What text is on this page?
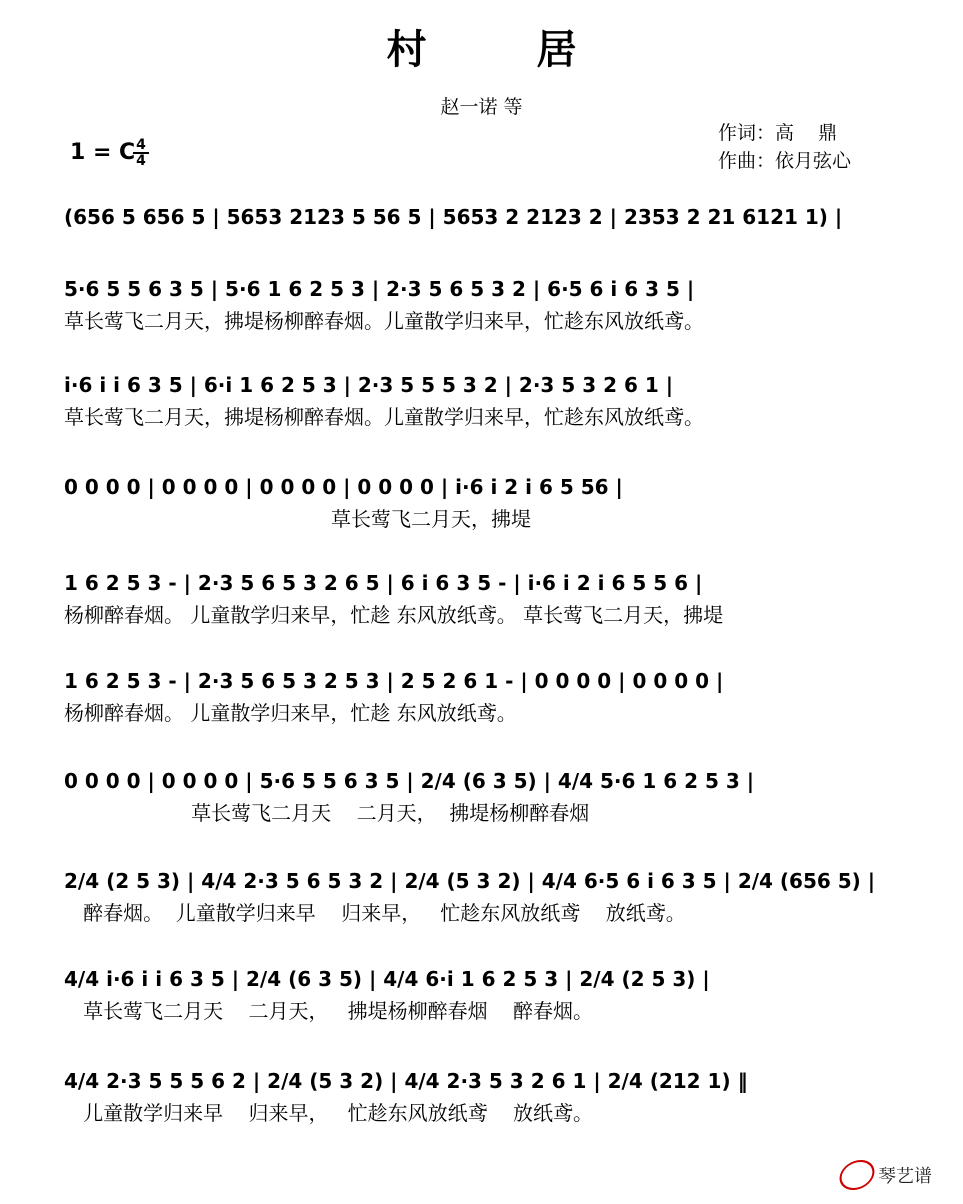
村 居
赵一诺 等
作词：高    鼎
作曲：依月弦心
1 = C
$\frac{4}{4}$
(656 5 656 5 | 5653 2123 5 56 5 | 5653 2 2123 2 | 2353 2 21 6121 1) |
5·6 5 5 6 3 5 | 5·6 1 6 2 5 3 | 2·3 5 6 5 3 2 | 6·5 6 i 6 3 5 |
草长莺飞二月天，拂堤杨柳醉春烟。儿童散学归来早，忙趁东风放纸鸢。
i·6 i i 6 3 5 | 6·i 1 6 2 5 3 | 2·3 5 5 5 3 2 | 2·3 5 3 2 6 1 |
草长莺飞二月天，拂堤杨柳醉春烟。儿童散学归来早，忙趁东风放纸鸢。
0 0 0 0 | 0 0 0 0 | 0 0 0 0 | 0 0 0 0 | i·6 i 2 i 6 5 56 |
草长莺飞二月天，拂堤
1 6 2 5 3 - | 2·3 5 6 5 3 2 6 5 | 6 i 6 3 5 - | i·6 i 2 i 6 5 5 6 |
杨柳醉春烟。 儿童散学归来早，忙趁 东风放纸鸢。 草长莺飞二月天，拂堤
1 6 2 5 3 - | 2·3 5 6 5 3 2 5 3 | 2 5 2 6 1 - | 0 0 0 0 | 0 0 0 0 |
杨柳醉春烟。 儿童散学归来早，忙趁 东风放纸鸢。
0 0 0 0 | 0 0 0 0 | 5·6 5 5 6 3 5 | 2/4 (6 3 5) | 4/4 5·6 1 6 2 5 3 |
草长莺飞二月天    二月天，  拂堤杨柳醉春烟
2/4 (2 5 3) | 4/4 2·3 5 6 5 3 2 | 2/4 (5 3 2) | 4/4 6·5 6 i 6 3 5 | 2/4 (656 5) |
醉春烟。  儿童散学归来早    归来早，   忙趁东风放纸鸢    放纸鸢。
4/4 i·6 i i 6 3 5 | 2/4 (6 3 5) | 4/4 6·i 1 6 2 5 3 | 2/4 (2 5 3) |
草长莺飞二月天    二月天，   拂堤杨柳醉春烟    醉春烟。
4/4 2·3 5 5 5 6 2 | 2/4 (5 3 2) | 4/4 2·3 5 3 2 6 1 | 2/4 (212 1) ‖
儿童散学归来早    归来早，   忙趁东风放纸鸢    放纸鸢。
琴艺谱
